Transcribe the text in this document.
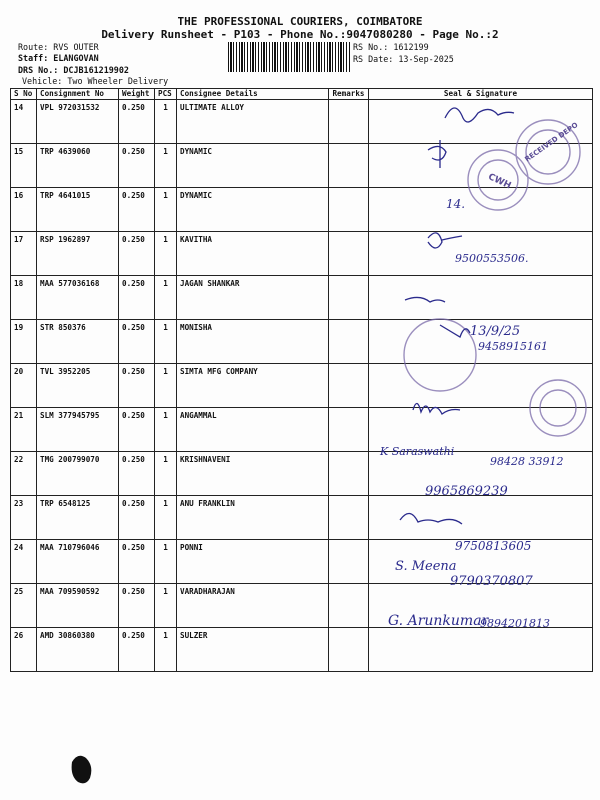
THE PROFESSIONAL COURIERS, COIMBATORE
Delivery Runsheet - P103 - Phone No.:9047080280 - Page No.:2
Route: RVS OUTER
Staff: ELANGOVAN
DRS No.: DCJB161219902
Vehicle: Two Wheeler Delivery
RS No.: 1612199
RS Date: 13-Sep-2025
S No	Consignment No	Weight	PCS	Consignee Details	Remarks	Seal & Signature
14	VPL 972031532	0.250	1	ULTIMATE ALLOY		
15	TRP 4639060	0.250	1	DYNAMIC		
16	TRP 4641015	0.250	1	DYNAMIC		
17	RSP 1962897	0.250	1	KAVITHA		
18	MAA 577036168	0.250	1	JAGAN SHANKAR		
19	STR 850376	0.250	1	MONISHA		
20	TVL 3952205	0.250	1	SIMTA MFG COMPANY		
21	SLM 377945795	0.250	1	ANGAMMAL		
22	TMG 200799070	0.250	1	KRISHNAVENI		
23	TRP 6548125	0.250	1	ANU FRANKLIN		
24	MAA 710796046	0.250	1	PONNI		
25	MAA 709590592	0.250	1	VARADHARAJAN		
26	AMD 30860380	0.250	1	SULZER		
RECEIVED DEPO
CWH
14.
9500553506.
13/9/25
9458915161
K Saraswathi
98428 33912
9965869239
9750813605
S. Meena
9790370807
G. Arunkumar
9894201813
